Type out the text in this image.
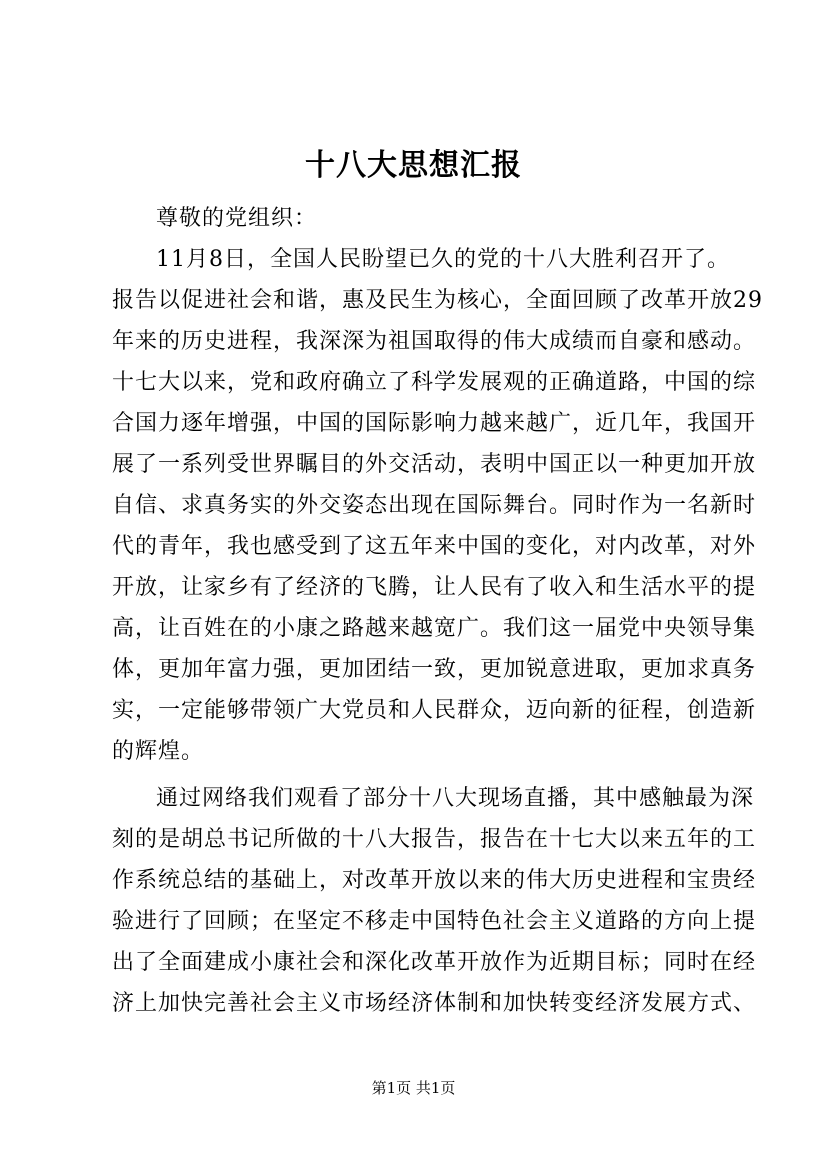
十八大思想汇报
尊敬的党组织：
11月8日，全国人民盼望已久的党的十八大胜利召开了。
报告以促进社会和谐，惠及民生为核心，全面回顾了改革开放29
年来的历史进程，我深深为祖国取得的伟大成绩而自豪和感动。
十七大以来，党和政府确立了科学发展观的正确道路，中国的综
合国力逐年增强，中国的国际影响力越来越广，近几年，我国开
展了一系列受世界瞩目的外交活动，表明中国正以一种更加开放
自信、求真务实的外交姿态出现在国际舞台。同时作为一名新时
代的青年，我也感受到了这五年来中国的变化，对内改革，对外
开放，让家乡有了经济的飞腾，让人民有了收入和生活水平的提
高，让百姓在的小康之路越来越宽广。我们这一届党中央领导集
体，更加年富力强，更加团结一致，更加锐意进取，更加求真务
实，一定能够带领广大党员和人民群众，迈向新的征程，创造新
的辉煌。
通过网络我们观看了部分十八大现场直播，其中感触最为深
刻的是胡总书记所做的十八大报告，报告在十七大以来五年的工
作系统总结的基础上，对改革开放以来的伟大历史进程和宝贵经
验进行了回顾；在坚定不移走中国特色社会主义道路的方向上提
出了全面建成小康社会和深化改革开放作为近期目标；同时在经
济上加快完善社会主义市场经济体制和加快转变经济发展方式、
第1页 共1页
